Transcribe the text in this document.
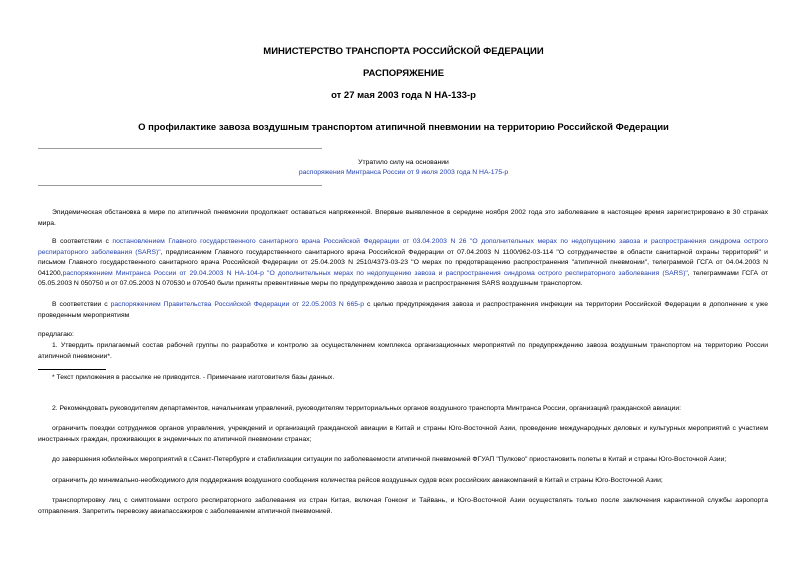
МИНИСТЕРСТВО ТРАНСПОРТА РОССИЙСКОЙ ФЕДЕРАЦИИ
РАСПОРЯЖЕНИЕ
от 27 мая 2003 года N НА-133-р
О профилактике завоза воздушным транспортом атипичной пневмонии на территорию Российской Федерации
Утратило силу на основании
распоряжения Минтранса России от 9 июля 2003 года N НА-175-р
Эпидемическая обстановка в мире по атипичной пневмонии продолжает оставаться напряженной. Впервые выявленное в середине ноября 2002 года это заболевание в настоящее время зарегистрировано в 30 странах мира.
В соответствии с постановлением Главного государственного санитарного врача Российской Федерации от 03.04.2003 N 26 "О дополнительных мерах по недопущению завоза и распространения синдрома острого респираторного заболевания (SARS)", предписанием Главного государственного санитарного врача Российской Федерации от 07.04.2003 N 1100/962-03-114 "О сотрудничестве в области санитарной охраны территорий" и письмом Главного государственного санитарного врача Российской Федерации от 25.04.2003 N 2510/4373-03-23 "О мерах по предотвращению распространения "атипичной пневмонии", телеграммой ГСГА от 04.04.2003 N 041200,распоряжением Минтранса России от 29.04.2003 N НА-104-р "О дополнительных мерах по недопущению завоза и распространения синдрома острого респираторного заболевания (SARS)", телеграммами ГСГА от 05.05.2003 N 050750 и от 07.05.2003 N 070530 и 070540 были приняты превентивные меры по предупреждению завоза и распространения SARS воздушным транспортом.
В соответствии с распоряжением Правительства Российской Федерации от 22.05.2003 N 665-р с целью предупреждения завоза и распространения инфекции на территории Российской Федерации в дополнение к уже проведенным мероприятиям
предлагаю:
1. Утвердить прилагаемый состав рабочей группы по разработке и контролю за осуществлением комплекса организационных мероприятий по предупреждению завоза воздушным транспортом на территорию России атипичной пневмонии*.
* Текст приложения в рассылке не приводится. - Примечание изготовителя базы данных.
2. Рекомендовать руководителям департаментов, начальникам управлений, руководителям территориальных органов воздушного транспорта Минтранса России, организаций гражданской авиации:
ограничить поездки сотрудников органов управления, учреждений и организаций гражданской авиации в Китай и страны Юго-Восточной Азии, проведение международных деловых и культурных мероприятий с участием иностранных граждан, проживающих в эндемичных по атипичной пневмонии странах;
до завершения юбилейных мероприятий в г.Санкт-Петербурге и стабилизации ситуации по заболеваемости атипичной пневмонией ФГУАП "Пулково" приостановить полеты в Китай и страны Юго-Восточной Азии;
ограничить до минимально-необходимого для поддержания воздушного сообщения количества рейсов воздушных судов всех российских авиакомпаний в Китай и страны Юго-Восточной Азии;
транспортировку лиц с симптомами острого респираторного заболевания из стран Китая, включая Гонконг и Тайвань, и Юго-Восточной Азии осуществлять только после заключения карантинной службы аэропорта отправления. Запретить перевозку авиапассажиров с заболеванием атипичной пневмонией.
